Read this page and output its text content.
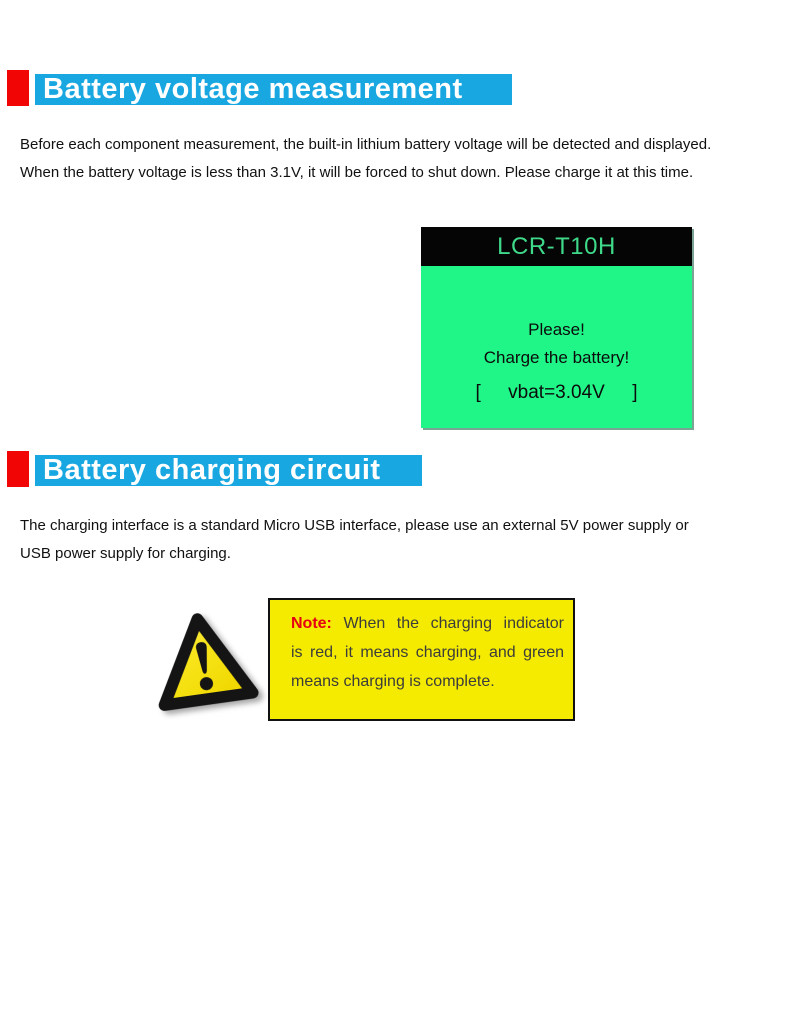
Battery voltage measurement

Before each component measurement, the built-in lithium battery voltage will be detected and displayed. When the battery voltage is less than 3.1V, it will be forced to shut down. Please charge it at this time.

LCR-T10H
Please!
Charge the battery!
[ vbat=3.04V ]
Battery charging circuit

The charging interface is a standard Micro USB interface, please use an external 5V power supply or USB power supply for charging.

Note: When the charging indicator
is red, it means charging, and green
means charging is complete.
